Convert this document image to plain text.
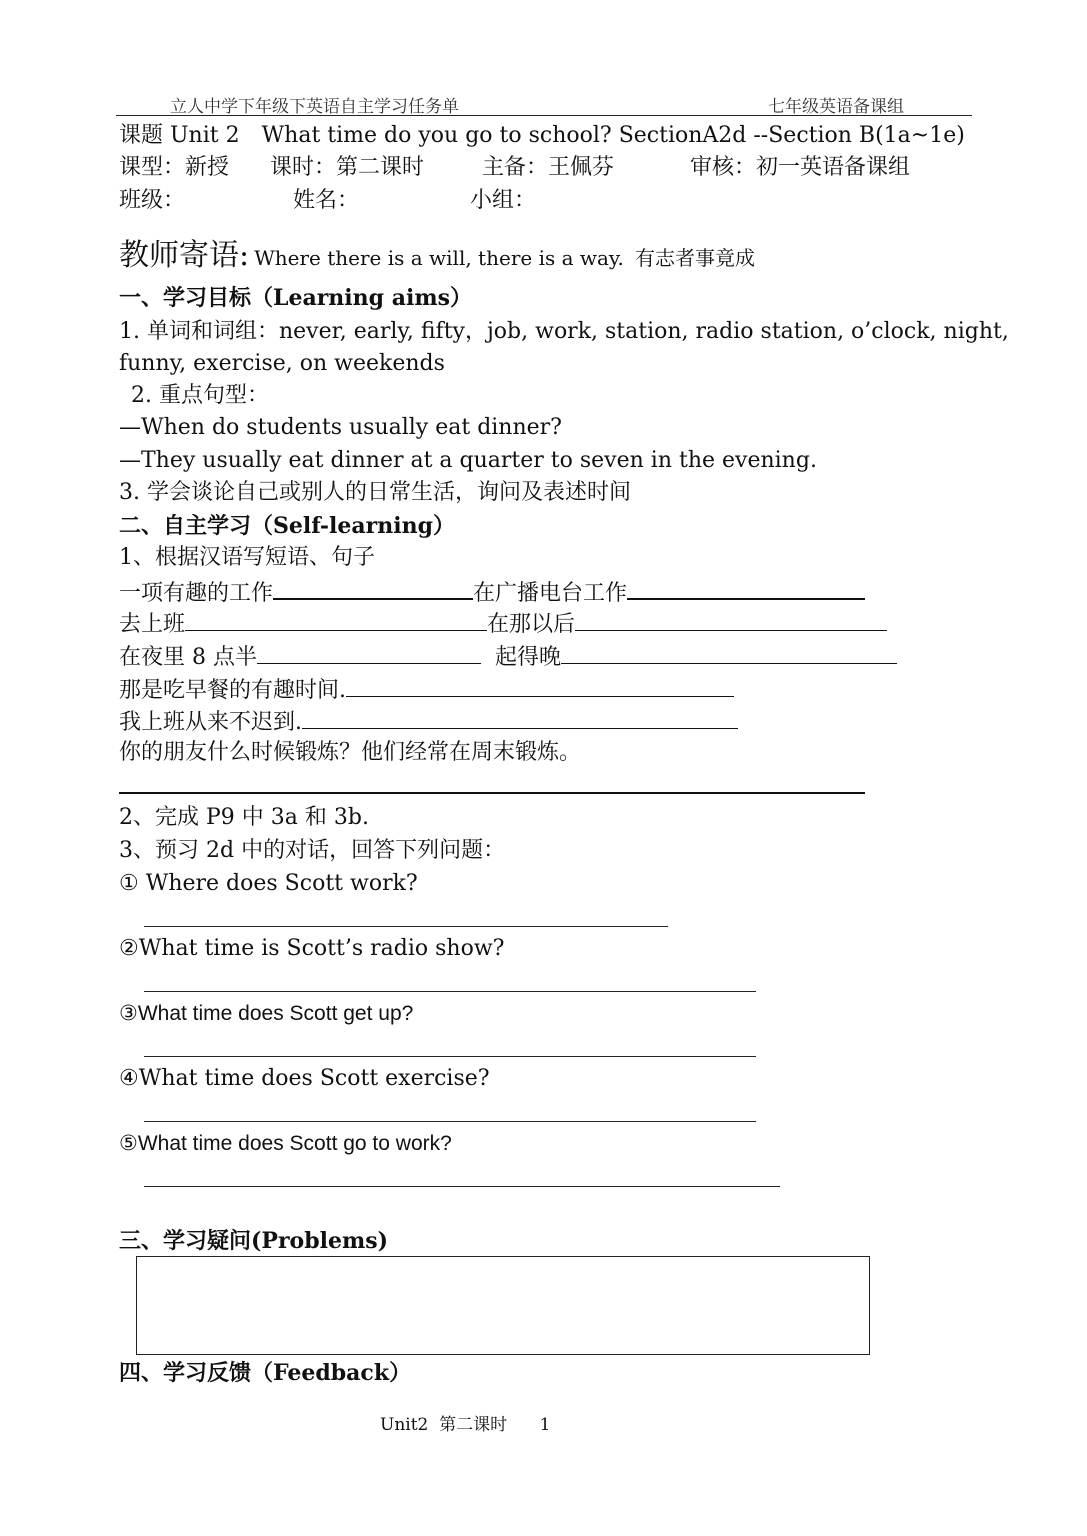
立人中学下年级下英语自主学习任务单	七年级英语备课组
课题 Unit 2　What time do you go to school? SectionA2d --Section B(1a~1e)
课型：新授 课时：第二课时	主备：王佩芬	审核：初一英语备课组
班级：	姓名：	小组：
教师寄语: Where there is a will, there is a way. 有志者事竟成
一、学习目标（Learning aims）
1. 单词和词组：never, early, fifty，job, work, station, radio station, o’clock, night,
funny, exercise, on weekends
2. 重点句型：
—When do students usually eat dinner?
—They usually eat dinner at a quarter to seven in the evening.
3. 学会谈论自己或别人的日常生活，询问及表述时间
二、自主学习（Self-learning）
1、根据汉语写短语、句子
一项有趣的工作	在广播电台工作
去上班	在那以后
在夜里 8 点半	起得晚
那是吃早餐的有趣时间.
我上班从来不迟到.
你的朋友什么时候锻炼？他们经常在周末锻炼。
2、完成 P9 中 3a 和 3b.
3、预习 2d 中的对话，回答下列问题：
① Where does Scott work?
②What time is Scott’s radio show?
③What time does Scott get up?
④What time does Scott exercise?
⑤What time does Scott go to work?
三、学习疑问(Problems)
四、学习反馈（Feedback）
Unit2  第二课时      1
